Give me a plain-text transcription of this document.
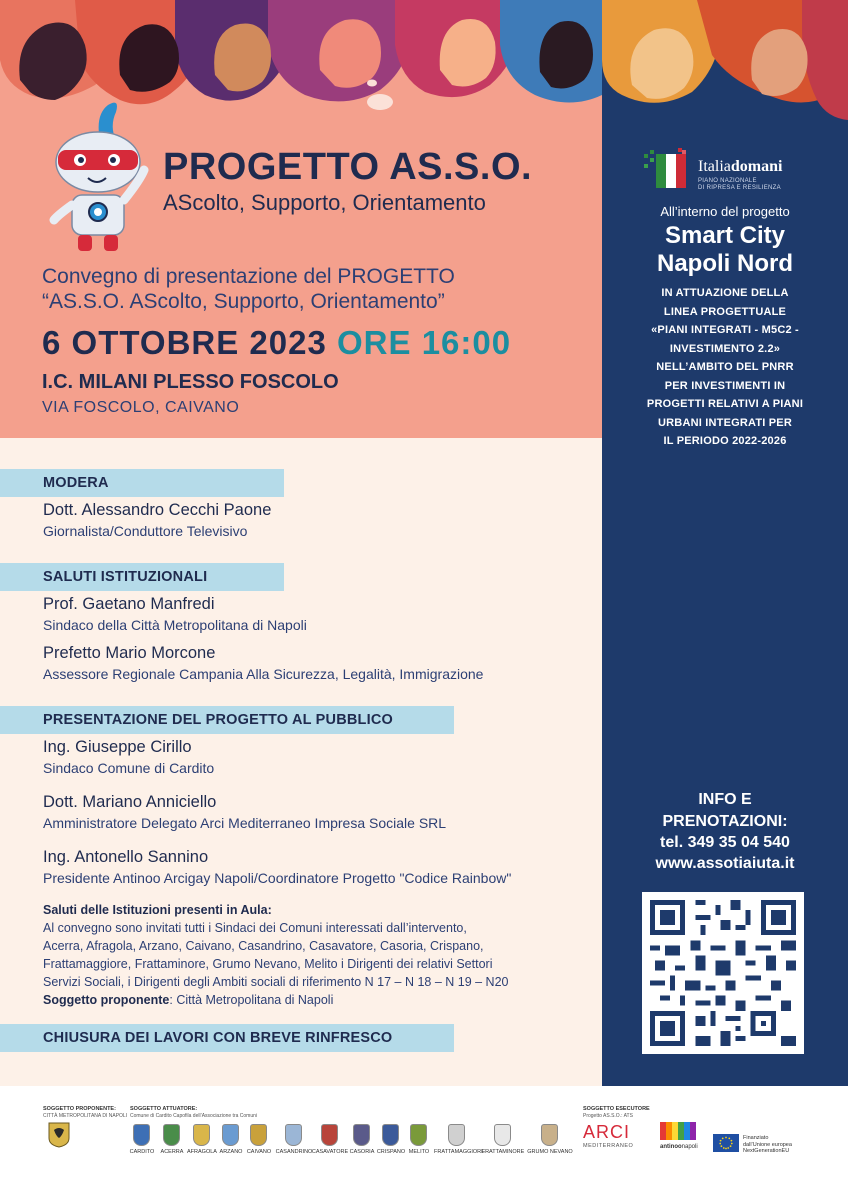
PROGETTO AS.S.O.
AScolto, Supporto, Orientamento
Convegno di presentazione del PROGETTO
“AS.S.O. AScolto, Supporto, Orientamento”
6 OTTOBRE 2023 ORE 16:00
I.C. MILANI PLESSO FOSCOLO
VIA FOSCOLO, CAIVANO
Italiadomani
PIANO NAZIONALE
DI RIPRESA E RESILIENZA
All’interno del progetto
Smart City
Napoli Nord
IN ATTUAZIONE DELLA
LINEA PROGETTUALE
«PIANI INTEGRATI - M5C2 -
INVESTIMENTO 2.2»
NELL’AMBITO DEL PNRR
PER INVESTIMENTI IN
PROGETTI RELATIVI A PIANI
URBANI INTEGRATI PER
IL PERIODO 2022-2026
INFO E
PRENOTAZIONI:
tel. 349 35 04 540
www.assotiaiuta.it
MODERA
Dott. Alessandro Cecchi Paone
Giornalista/Conduttore Televisivo
SALUTI ISTITUZIONALI
Prof. Gaetano Manfredi
Sindaco della Città Metropolitana di Napoli
Prefetto Mario Morcone
Assessore Regionale Campania Alla Sicurezza, Legalità, Immigrazione
PRESENTAZIONE DEL PROGETTO AL PUBBLICO
Ing. Giuseppe Cirillo
Sindaco Comune di Cardito
Dott. Mariano Anniciello
Amministratore Delegato Arci Mediterraneo Impresa Sociale SRL
Ing. Antonello Sannino
Presidente Antinoo Arcigay Napoli/Coordinatore Progetto "Codice Rainbow"
Saluti delle Istituzioni presenti in Aula:
Al convegno sono invitati tutti i Sindaci dei Comuni interessati dall’intervento,
Acerra, Afragola, Arzano, Caivano, Casandrino, Casavatore, Casoria, Crispano,
Frattamaggiore, Frattaminore, Grumo Nevano, Melito i Dirigenti dei relativi Settori
Servizi Sociali, i Dirigenti degli Ambiti sociali di riferimento N 17 – N 18 – N 19 – N20
Soggetto proponente: Città Metropolitana di Napoli
CHIUSURA DEI LAVORI CON BREVE RINFRESCO
SOGGETTO PROPONENTE:
CITTÀ METROPOLITANA DI NAPOLI
SOGGETTO ATTUATORE:
Comune di Cardito Capofila dell’Associazione tra Comuni
CARDITO	ACERRA AFRAGOLA ARZANO CAIVANO CASANDRINO CASAVATORE CASORIA CRISPANO MELITO FRATTAMAGGIORE
FRATTAMINORE GRUMO NEVANO
SOGGETTO ESECUTORE
Progetto AS.S.O.: ATS
ARCI
MEDITERRANEO	antinoonapoli
Finanziato
dall’Unione europea
NextGenerationEU
